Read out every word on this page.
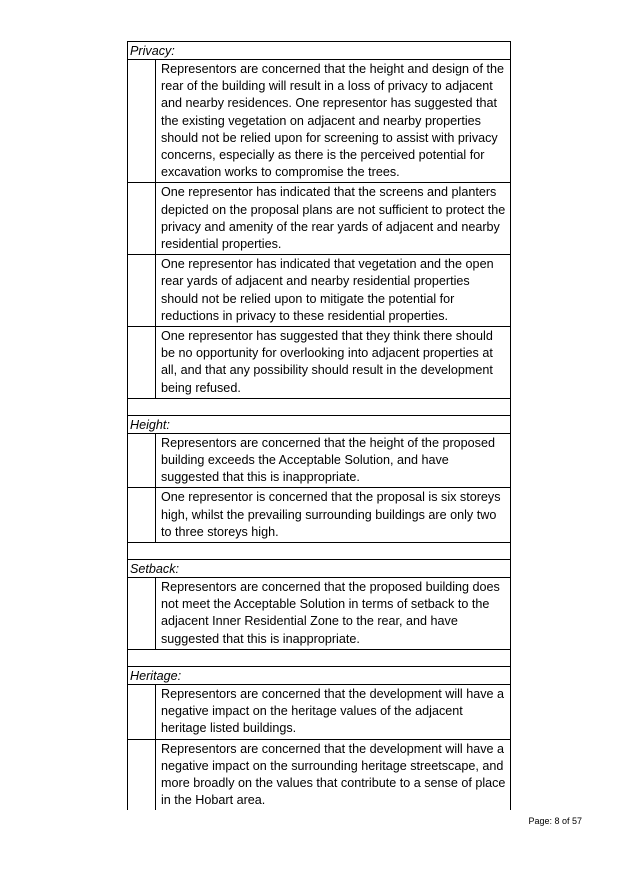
Privacy:
Representors are concerned that the height and design of the rear of the building will result in a loss of privacy to adjacent and nearby residences. One representor has suggested that the existing vegetation on adjacent and nearby properties should not be relied upon for screening to assist with privacy concerns, especially as there is the perceived potential for excavation works to compromise the trees.
One representor has indicated that the screens and planters depicted on the proposal plans are not sufficient to protect the privacy and amenity of the rear yards of adjacent and nearby residential properties.
One representor has indicated that vegetation and the open rear yards of adjacent and nearby residential properties should not be relied upon to mitigate the potential for reductions in privacy to these residential properties.
One representor has suggested that they think there should be no opportunity for overlooking into adjacent properties at all, and that any possibility should result in the development being refused.
Height:
Representors are concerned that the height of the proposed building exceeds the Acceptable Solution, and have suggested that this is inappropriate.
One representor is concerned that the proposal is six storeys high, whilst the prevailing surrounding buildings are only two to three storeys high.
Setback:
Representors are concerned that the proposed building does not meet the Acceptable Solution in terms of setback to the adjacent Inner Residential Zone to the rear, and have suggested that this is inappropriate.
Heritage:
Representors are concerned that the development will have a negative impact on the heritage values of the adjacent heritage listed buildings.
Representors are concerned that the development will have a negative impact on the surrounding heritage streetscape, and more broadly on the values that contribute to a sense of place in the Hobart area.
Page: 8 of 57
